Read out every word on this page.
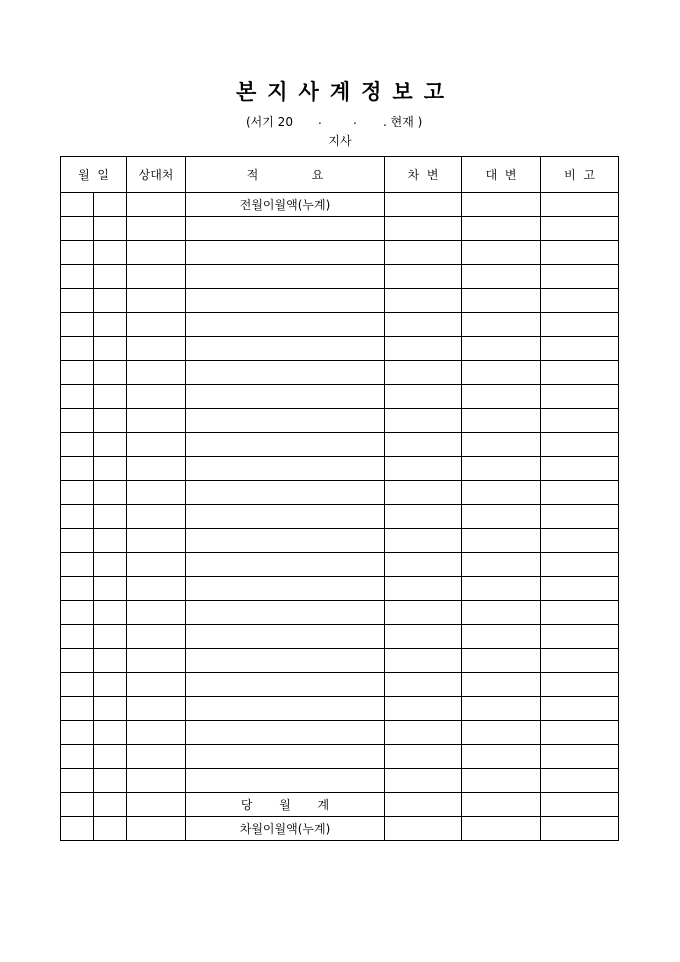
본지사계정보고
(서기 20 .	. . 현재 )
지사
월  일		상대처	적              요	차  변	대  변	비  고
			전월이월액(누계)			

			당       월       계			
			차월이월액(누계)			
